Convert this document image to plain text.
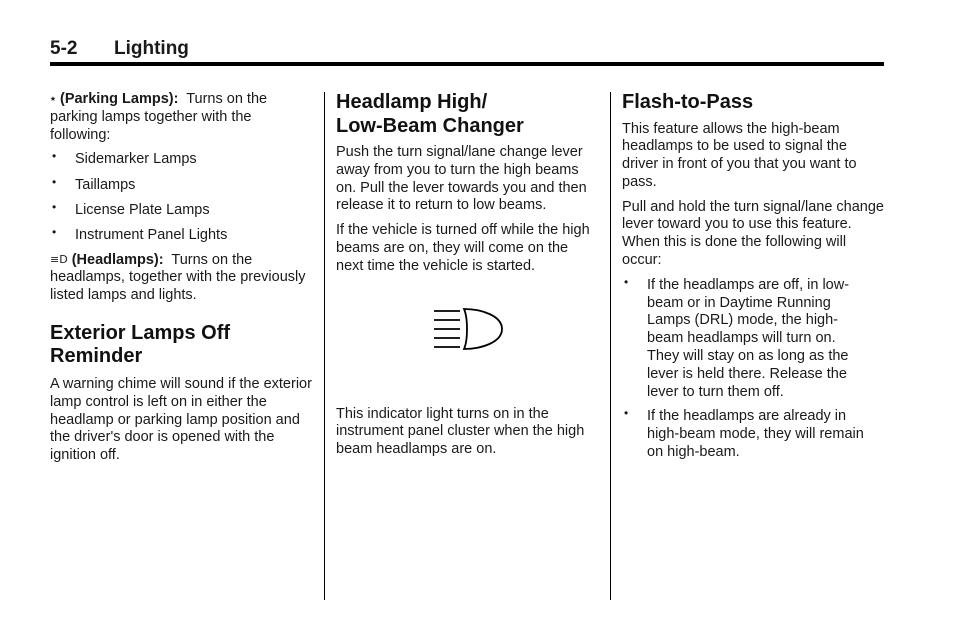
5-2 Lighting

⭑ (Parking Lamps): Turns on the parking lamps together with the following:

• Sidemarker Lamps
• Taillamps
• License Plate Lamps
• Instrument Panel Lights

≡D (Headlamps): Turns on the headlamps, together with the previously listed lamps and lights.

Exterior Lamps Off Reminder

A warning chime will sound if the exterior lamp control is left on in either the headlamp or parking lamp position and the driver's door is opened with the ignition off.

Headlamp High/ Low-Beam Changer

Push the turn signal/lane change lever away from you to turn the high beams on. Pull the lever towards you and then release it to return to low beams.

If the vehicle is turned off while the high beams are on, they will come on the next time the vehicle is started.

This indicator light turns on in the instrument panel cluster when the high beam headlamps are on.

Flash-to-Pass

This feature allows the high-beam headlamps to be used to signal the driver in front of you that you want to pass.

Pull and hold the turn signal/lane change lever toward you to use this feature. When this is done the following will occur:

• If the headlamps are off, in low-beam or in Daytime Running Lamps (DRL) mode, the high-beam headlamps will turn on. They will stay on as long as the lever is held there. Release the lever to turn them off.
• If the headlamps are already in high-beam mode, they will remain on high-beam.
